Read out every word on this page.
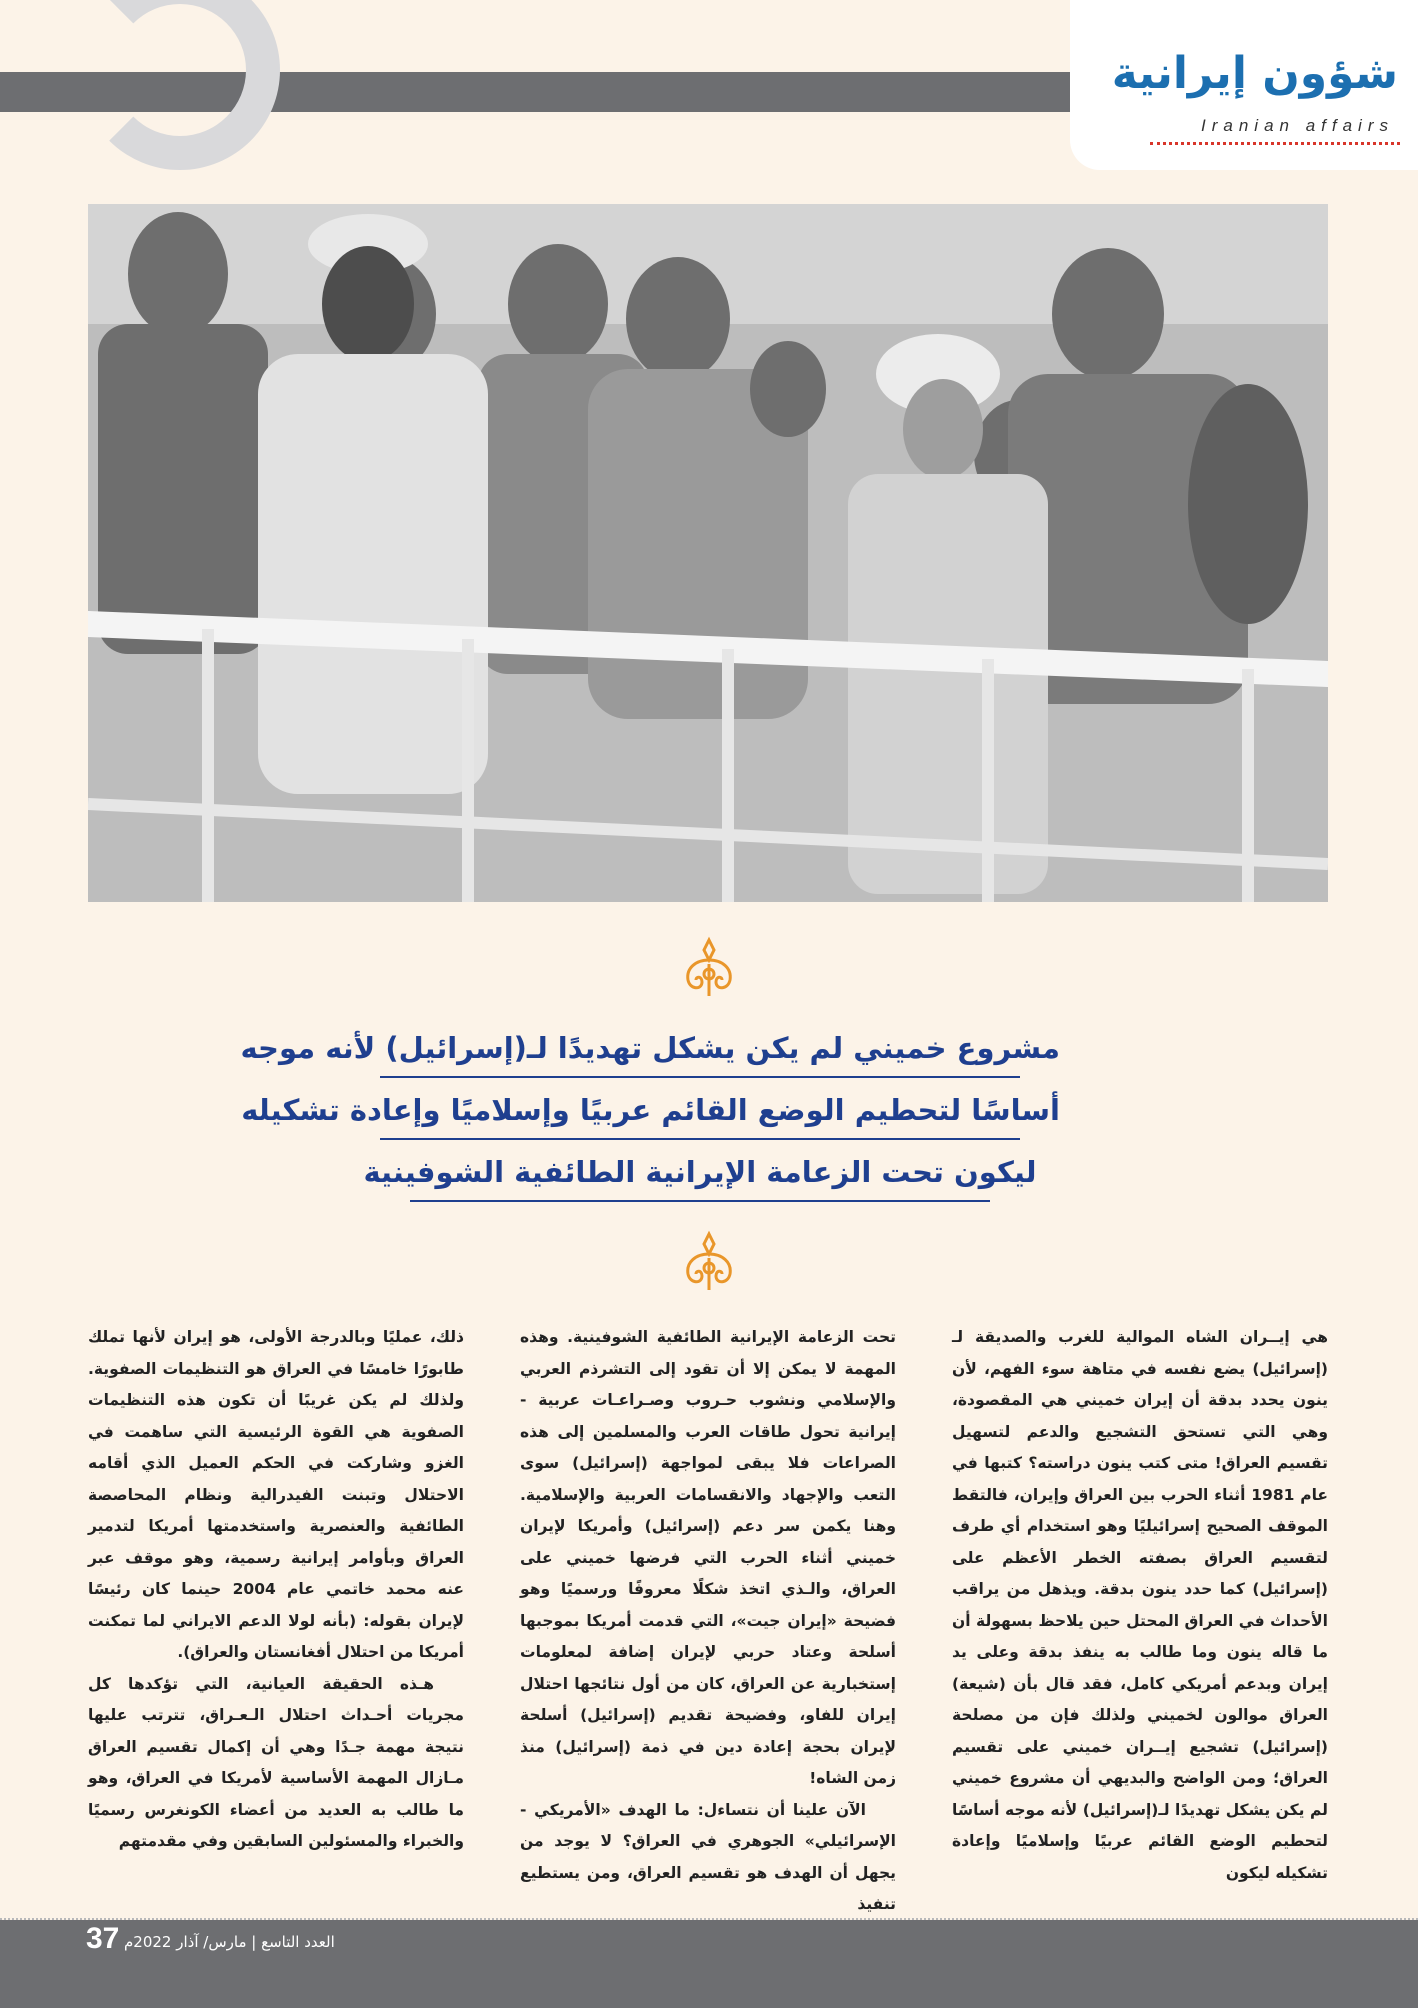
شؤون إيرانية
Iranian affairs
مشروع خميني لم يكن يشكل تهديدًا لـ(إسرائيل) لأنه موجه
أساسًا لتحطيم الوضع القائم عربيًا وإسلاميًا وإعادة تشكيله
ليكون تحت الزعامة الإيرانية الطائفية الشوفينية

هي إيــران الشاه الموالية للغرب والصديقة لـ (إسرائيل) يضع نفسه في متاهة سوء الفهم، لأن ينون يحدد بدقة أن إيران خميني هي المقصودة، وهي التي تستحق التشجيع والدعم لتسهيل تقسيم العراق! متى كتب ينون دراسته؟ كتبها في عام 1981 أثناء الحرب بين العراق وإيران، فالتقط الموقف الصحيح إسرائيليًا وهو استخدام أي طرف لتقسيم العراق بصفته الخطر الأعظم على (إسرائيل) كما حدد ينون بدقة. ويذهل من يراقب الأحداث في العراق المحتل حين يلاحظ بسهولة أن ما قاله ينون وما طالب به ينفذ بدقة وعلى يد إيران وبدعم أمريكي كامل، فقد قال بأن (شيعة) العراق موالون لخميني ولذلك فإن من مصلحة (إسرائيل) تشجيع إيــران خميني على تقسيم العراق؛ ومن الواضح والبديهي أن مشروع خميني لم يكن يشكل تهديدًا لـ(إسرائيل) لأنه موجه أساسًا لتحطيم الوضع القائم عربيًا وإسلاميًا وإعادة تشكيله ليكون

تحت الزعامة الإيرانية الطائفية الشوفينية. وهذه المهمة لا يمكن إلا أن تقود إلى التشرذم العربي والإسلامي ونشوب حـروب وصـراعـات عربية - إيرانية تحول طاقات العرب والمسلمين إلى هذه الصراعات فلا يبقى لمواجهة (إسرائيل) سوى التعب والإجهاد والانقسامات العربية والإسلامية. وهنا يكمن سر دعم (إسرائيل) وأمريكا لإيران خميني أثناء الحرب التي فرضها خميني على العراق، والـذي اتخذ شكلًا معروفًا ورسميًا وهو فضيحة «إيران جيت»، التي قدمت أمريكا بموجبها أسلحة وعتاد حربي لإيران إضافة لمعلومات إستخبارية عن العراق، كان من أول نتائجها احتلال إيران للفاو، وفضيحة تقديم (إسرائيل) أسلحة لإيران بحجة إعادة دين في ذمة (إسرائيل) منذ زمن الشاه!

الآن علينا أن نتساءل: ما الهدف «الأمريكي - الإسرائيلي» الجوهري في العراق؟ لا يوجد من يجهل أن الهدف هو تقسيم العراق، ومن يستطيع تنفيذ

ذلك، عمليًا وبالدرجة الأولى، هو إيران لأنها تملك طابورًا خامسًا في العراق هو التنظيمات الصفوية. ولذلك لم يكن غريبًا أن تكون هذه التنظيمات الصفوية هي القوة الرئيسية التي ساهمت في الغزو وشاركت في الحكم العميل الذي أقامه الاحتلال وتبنت الفيدرالية ونظام المحاصصة الطائفية والعنصرية واستخدمتها أمريكا لتدمير العراق وبأوامر إيرانية رسمية، وهو موقف عبر عنه محمد خاتمي عام 2004 حينما كان رئيسًا لإيران بقوله: (بأنه لولا الدعم الايراني لما تمكنت أمريكا من احتلال أفغانستان والعراق).

هـذه الحقيقة العيانية، التي تؤكدها كل مجريات أحـداث احتلال الـعـراق، تترتب عليها نتيجة مهمة جـدًا وهي أن إكمال تقسيم العراق مـازال المهمة الأساسية لأمريكا في العراق، وهو ما طالب به العديد من أعضاء الكونغرس رسميًا والخبراء والمسئولين السابقين وفي مقدمتهم

37 العدد التاسع | مارس/ آذار 2022م
